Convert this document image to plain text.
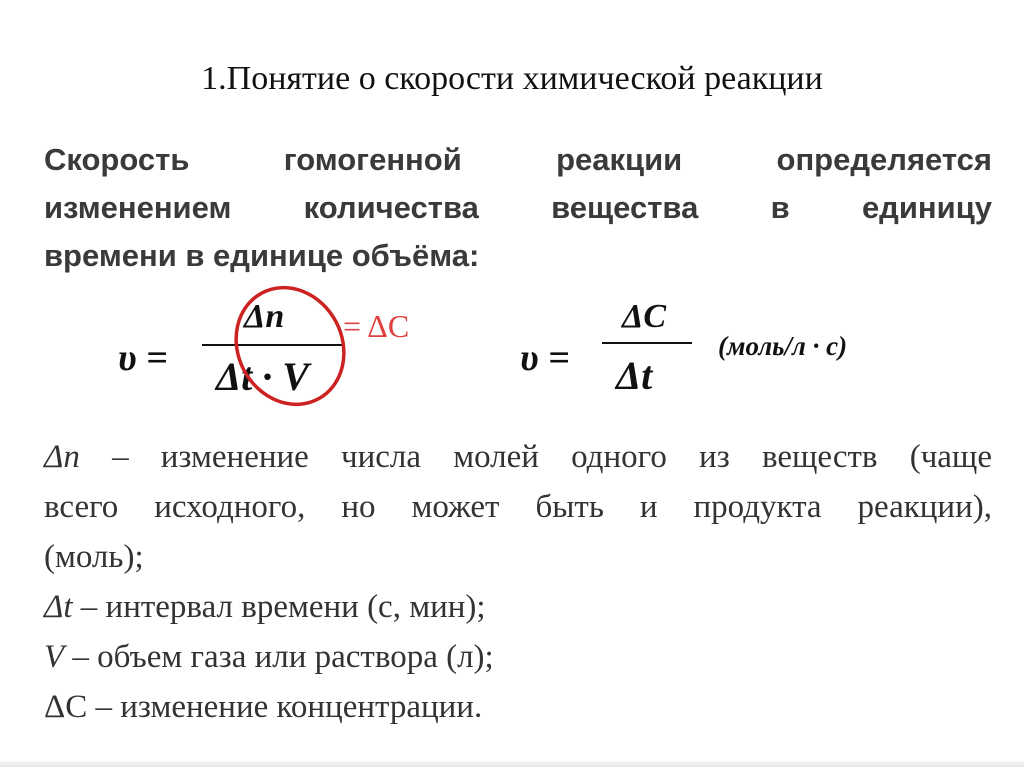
1.Понятие о скорости химической реакции
Скорость гомогенной реакции определяется
изменением количества вещества в единицу
времени в единице объёма:
υ =
Δn
Δt · V
= ΔC
υ =
ΔC
Δt
(моль/л · с)
Δn – изменение числа молей одного из веществ (чаще
всего исходного, но может быть и продукта реакции),
(моль);
Δt – интервал времени (с, мин);
V – объем газа или раствора (л);
ΔС – изменение концентрации.
